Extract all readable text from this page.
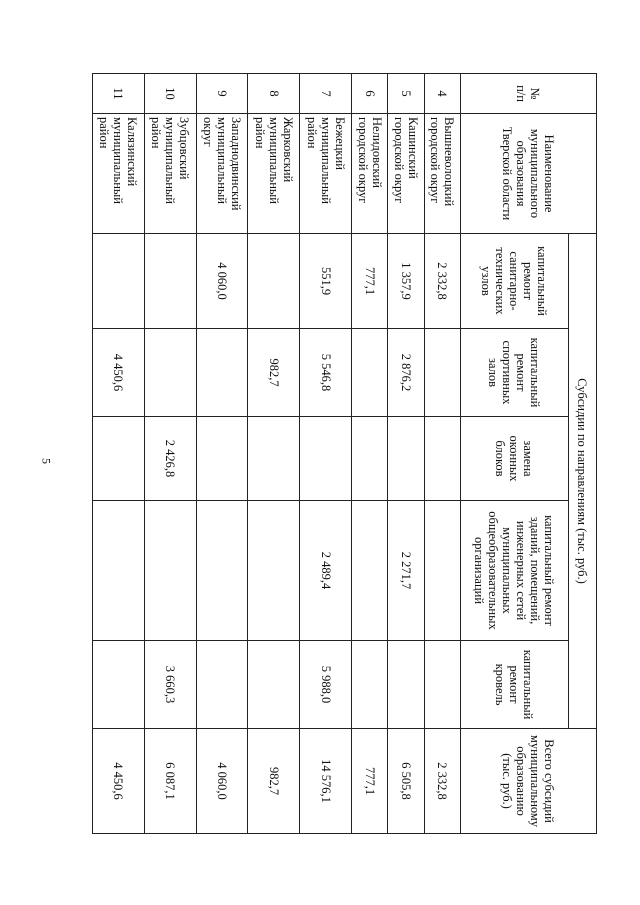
5
№
п/п	Наименование муниципального образования Тверской области	Субсидии по направлениям (тыс. руб.)					Всего субсидий муниципальному образованию (тыс. руб.)
		капитальный ремонт санитарно-технических узлов	капитальный ремонт спортивных залов	замена оконных блоков	капитальный ремонт зданий, помещений, инженерных сетей муниципальных общеобразовательных организаций	капитальный ремонт кровель	
4	Вышневолоцкий городской округ	2 332,8					2 332,8
5	Кашинский городской округ	1 357,9	2 876,2		2 271,7		6 505,8
6	Нелидовский городской округ	777,1					777,1
7	Бежецкий муниципальный район	551,9	5 546,8		2 489,4	5 988,0	14 576,1
8	Жарковский муниципальный район		982,7				982,7
9	Западнодвинский муниципальный округ	4 060,0					4 060,0
10	Зубцовский муниципальный район			2 426,8		3 660,3	6 087,1
11	Калязинский муниципальный район		4 450,6				4 450,6
